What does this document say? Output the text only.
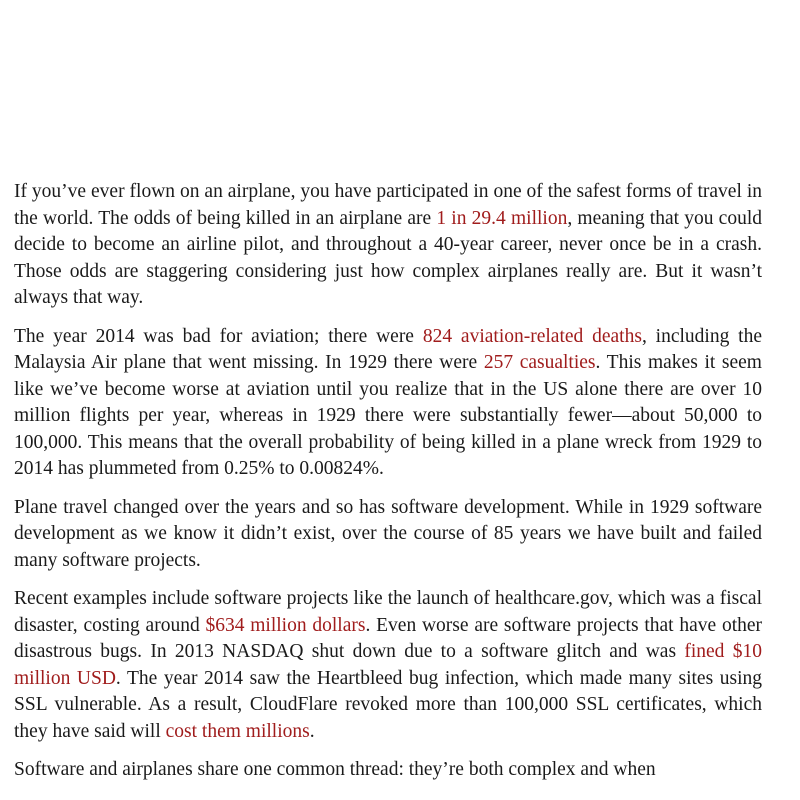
If you’ve ever flown on an airplane, you have participated in one of the safest forms of travel in the world. The odds of being killed in an airplane are 1 in 29.4 million, meaning that you could decide to become an airline pilot, and throughout a 40-year career, never once be in a crash. Those odds are staggering considering just how complex airplanes really are. But it wasn’t always that way.

The year 2014 was bad for aviation; there were 824 aviation-related deaths, including the Malaysia Air plane that went missing. In 1929 there were 257 casualties. This makes it seem like we’ve become worse at aviation until you realize that in the US alone there are over 10 million flights per year, whereas in 1929 there were substantially fewer—about 50,000 to 100,000. This means that the overall probability of being killed in a plane wreck from 1929 to 2014 has plummeted from 0.25% to 0.00824%.

Plane travel changed over the years and so has software development. While in 1929 software development as we know it didn’t exist, over the course of 85 years we have built and failed many software projects.

Recent examples include software projects like the launch of healthcare.gov, which was a fiscal disaster, costing around $634 million dollars. Even worse are software projects that have other disastrous bugs. In 2013 NASDAQ shut down due to a software glitch and was fined $10 million USD. The year 2014 saw the Heartbleed bug infection, which made many sites using SSL vulnerable. As a result, CloudFlare revoked more than 100,000 SSL certificates, which they have said will cost them millions.

Software and airplanes share one common thread: they’re both complex and when
